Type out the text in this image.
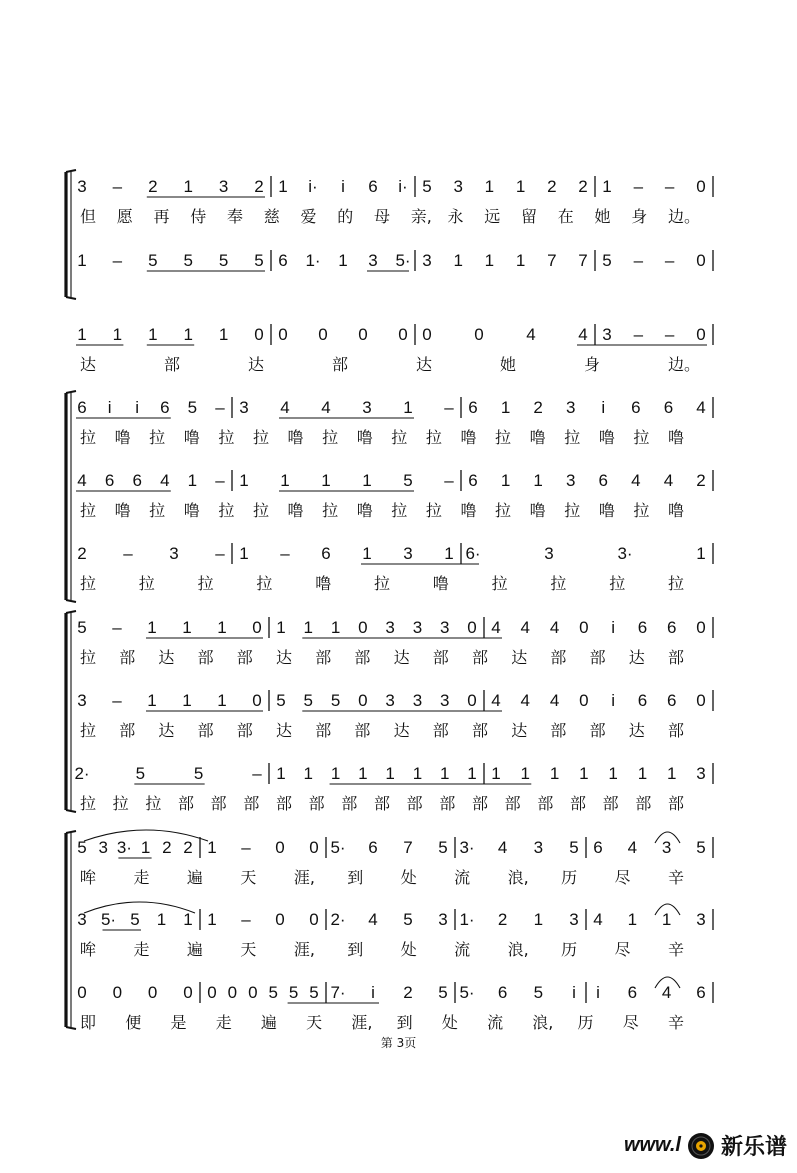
3 – 2 1 3 2 1 i· i 6 i· 5 3 1 1 2 2 1 – – 0
但 愿 再 侍 奉 慈 爱 的 母 亲, 永 远 留 在 她 身 边。
1 – 5 5 5 5 6 1· 1 3 5· 3 1 1 1 7 7 5 – – 0
1 1 1 1 1 0 0 0 0 0 0	0	4	4 3 – – 0
达	部	达	部	达	她	身	边。
6 i i 6 5 – 3 4 4 3 1 – 6 1 2 3 i 6 6 4
拉 噜 拉 噜 拉 拉 噜 拉 噜 拉 拉 噜 拉 噜 拉 噜 拉 噜
4 6 6 4 1 – 1 1 1 1 5 – 6 1 1 3 6 4 4 2
拉 噜 拉 噜 拉 拉 噜 拉 噜 拉 拉 噜 拉 噜 拉 噜 拉 噜
2 – 3 – 1 – 6 1 3 1 6·	3	3·	1
拉	拉	拉	拉	噜	拉	噜	拉	拉	拉	拉
5 – 1 1 1 0 1 1 1 0 3 3 3 0 4 4 4 0 i 6 6 0
拉 部 达 部 部 达 部 部 达 部 部 达 部 部 达 部
3 – 1 1 1 0 5 5 5 0 3 3 3 0 4 4 4 0 i 6 6 0
拉 部 达 部 部 达 部 部 达 部 部 达 部 部 达 部
2·	5	5	– 1 1 1 1 1 1 1 1 1 1 1 1 1 1 1 3
拉 拉 拉 部 部 部 部 部 部 部 部 部 部 部 部 部 部 部 部
5 3 3· 1 2 2 1 – 0 0 5· 6 7 5 3· 4 3 5 6 4 3 5
哞 走 遍 天 涯, 到 处 流 浪, 历 尽 辛
3 5· 5 1 1 1 – 0 0 2· 4 5 3 1· 2 1 3 4 1 1 3
哞 走 遍 天 涯, 到 处 流 浪, 历 尽 辛
0 0 0 0 0 0 0 5 5 5 7· i 2 5 5· 6 5 i i 6 4 6
即 便 是 走 遍 天 涯, 到 处 流 浪, 历 尽 辛
第 3页
www.l 新乐谱
